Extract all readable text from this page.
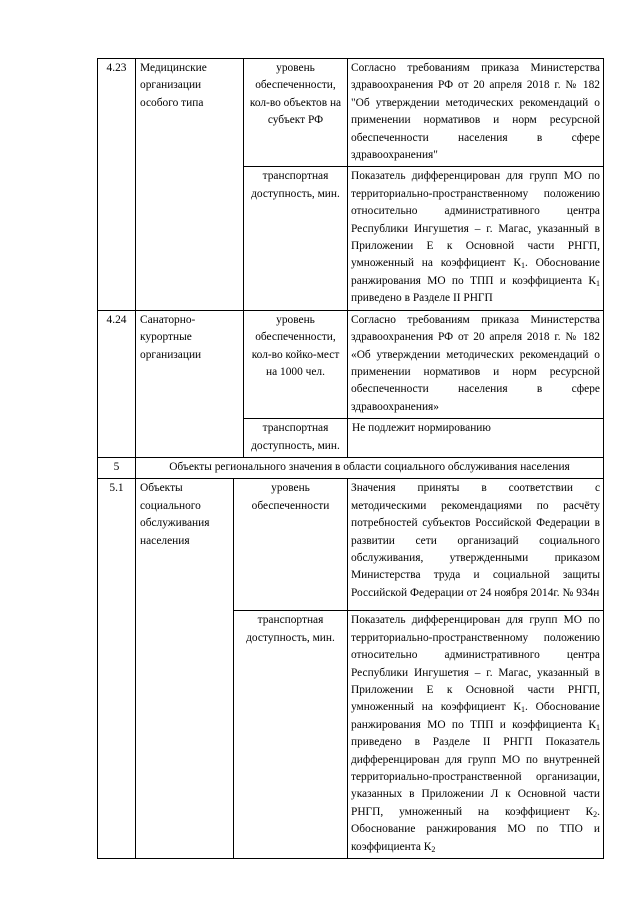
4.23	Медицинские организации особого типа		уровень обеспеченности, кол-во объектов на субъект РФ	Согласно требованиям приказа Министерства здравоохранения РФ от 20 апреля 2018 г. № 182 "Об утверждении методических рекомендаций о применении нормативов и норм ресурсной обеспеченности населения в сфере здравоохранения"
			транспортная доступность, мин.	Показатель дифференцирован для групп МО по территориально-пространственному положению относительно административного центра Республики Ингушетия – г. Магас, указанный в Приложении Е к Основной части РНГП, умноженный на коэффициент $К_1$. Обоснование ранжирования МО по ТПП и коэффициента $К_1$ приведено в Разделе II РНГП
4.24	Санаторно-курортные организации		уровень обеспеченности, кол-во койко-мест на 1000 чел.	Согласно требованиям приказа Министерства здравоохранения РФ от 20 апреля 2018 г. № 182 «Об утверждении методических рекомендаций о применении нормативов и норм ресурсной обеспеченности населения в сфере здравоохранения»
			транспортная доступность, мин.	Не подлежит нормированию
5	Объекты регионального значения в области социального обслуживания населения			
5.1	Объекты социального обслуживания населения	уровень обеспеченности		Значения приняты в соответствии с методическими рекомендациями по расчёту потребностей субъектов Российской Федерации в развитии сети организаций социального обслуживания, утвержденными приказом Министерства труда и социальной защиты Российской Федерации от 24 ноября 2014г. № 934н
		транспортная доступность, мин.		Показатель дифференцирован для групп МО по территориально-пространственному положению относительно административного центра Республики Ингушетия – г. Магас, указанный в Приложении Е к Основной части РНГП, умноженный на коэффициент $К_1$. Обоснование ранжирования МО по ТПП и коэффициента $К_1$ приведено в Разделе II РНГП Показатель дифференцирован для групп МО по внутренней территориально-пространственной организации, указанных в Приложении Л к Основной части РНГП, умноженный на коэффициент $К_2$. Обоснование ранжирования МО по ТПО и коэффициента $К_2$
